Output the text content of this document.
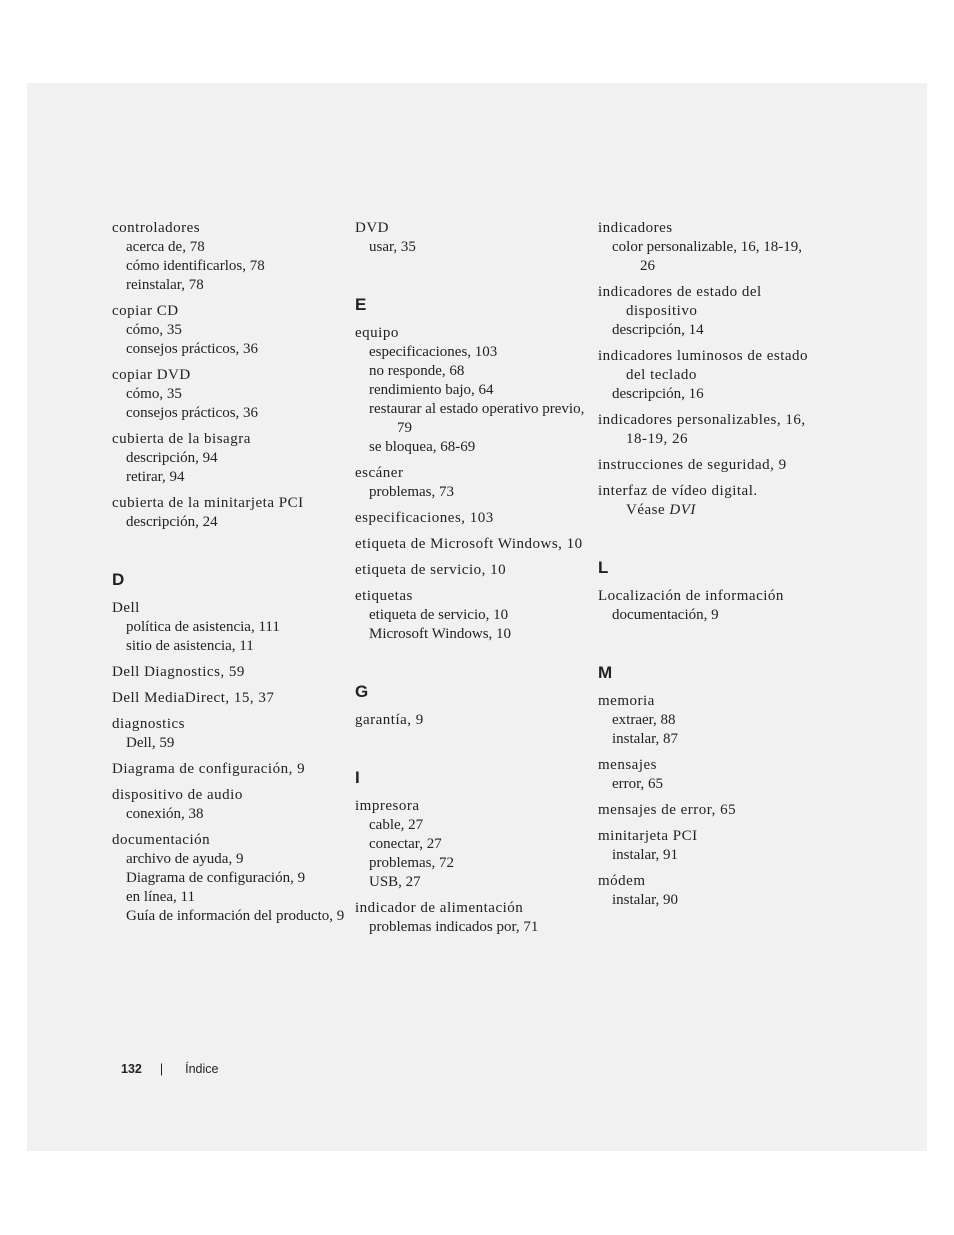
controladores
acerca de, 78
cómo identificarlos, 78
reinstalar, 78
copiar CD
cómo, 35
consejos prácticos, 36
copiar DVD
cómo, 35
consejos prácticos, 36
cubierta de la bisagra
descripción, 94
retirar, 94
cubierta de la minitarjeta PCI
descripción, 24
D
Dell
política de asistencia, 111
sitio de asistencia, 11
Dell Diagnostics, 59
Dell MediaDirect, 15, 37
diagnostics
Dell, 59
Diagrama de configuración, 9
dispositivo de audio
conexión, 38
documentación
archivo de ayuda, 9
Diagrama de configuración, 9
en línea, 11
Guía de información del producto, 9
DVD
usar, 35
E
equipo
especificaciones, 103
no responde, 68
rendimiento bajo, 64
restaurar al estado operativo previo, 79
se bloquea, 68-69
escáner
problemas, 73
especificaciones, 103
etiqueta de Microsoft Windows, 10
etiqueta de servicio, 10
etiquetas
etiqueta de servicio, 10
Microsoft Windows, 10
G
garantía, 9
I
impresora
cable, 27
conectar, 27
problemas, 72
USB, 27
indicador de alimentación
problemas indicados por, 71
indicadores
color personalizable, 16, 18-19, 26
indicadores de estado del dispositivo
descripción, 14
indicadores luminosos de estado del teclado
descripción, 16
indicadores personalizables, 16, 18-19, 26
instrucciones de seguridad, 9
interfaz de vídeo digital.
Véase DVI
L
Localización de información
documentación, 9
M
memoria
extraer, 88
instalar, 87
mensajes
error, 65
mensajes de error, 65
minitarjeta PCI
instalar, 91
módem
instalar, 90
132 | Índice
